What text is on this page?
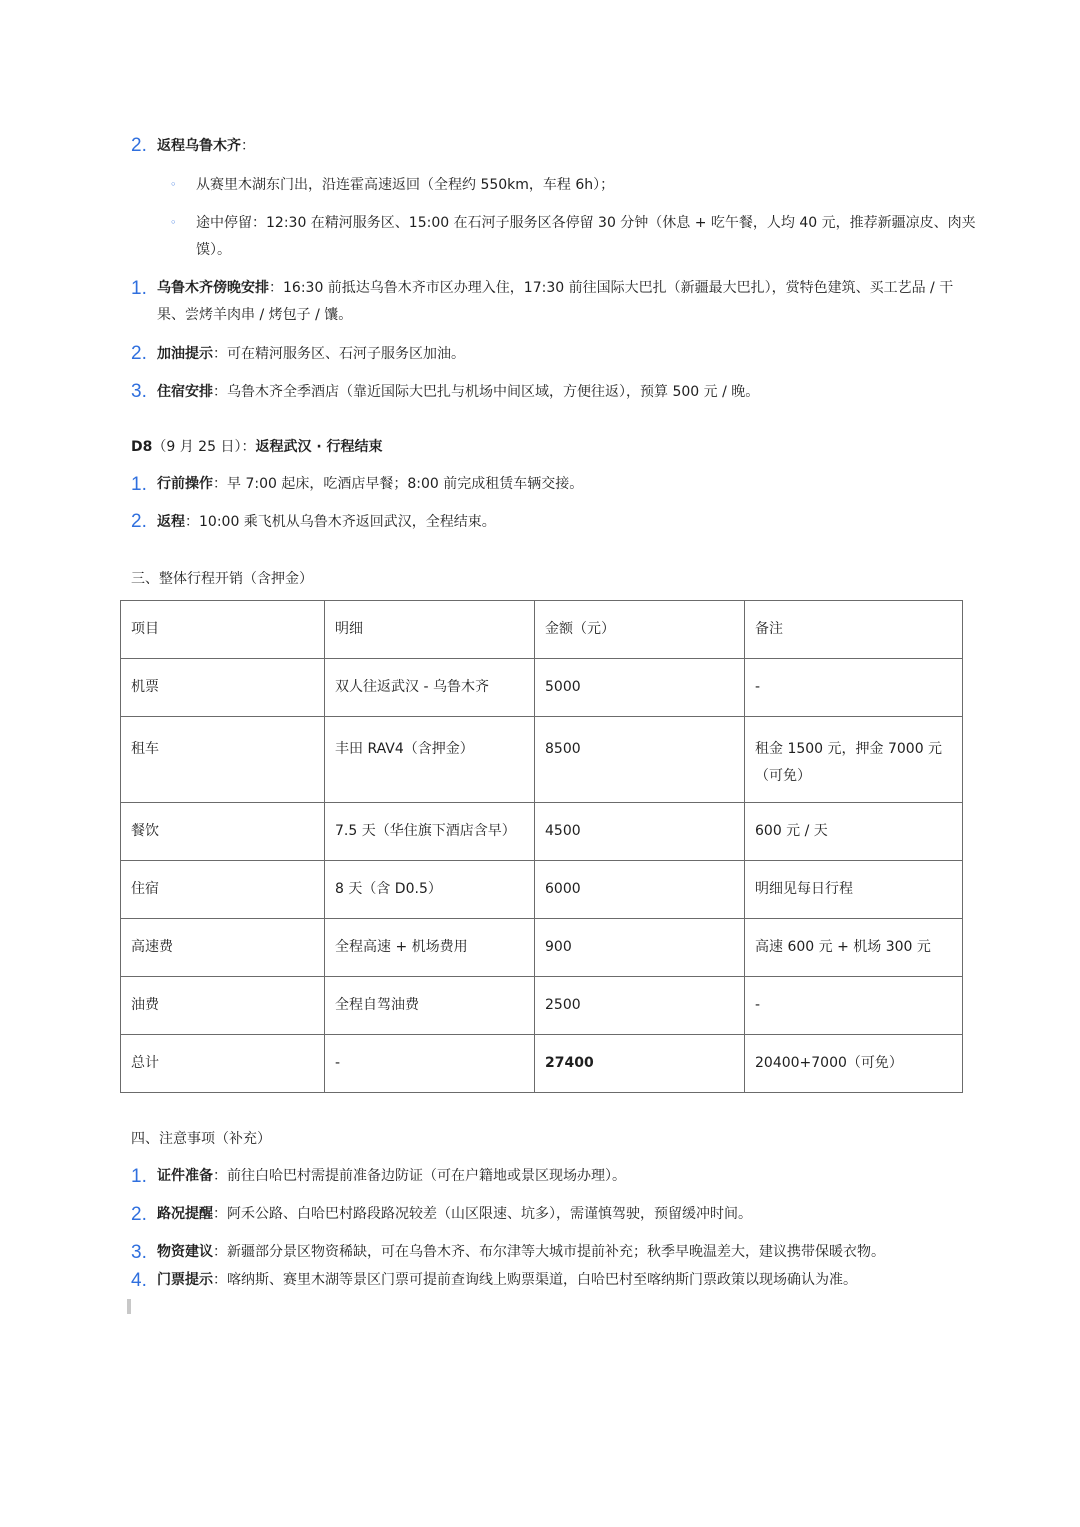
2. 返程乌鲁木齐：
◦ 从赛里木湖东门出，沿连霍高速返回（全程约 550km，车程 6h）；
◦ 途中停留：12:30 在精河服务区、15:00 在石河子服务区各停留 30 分钟（休息 + 吃午餐，人均 40 元，推荐新疆凉皮、肉夹
馍）。
1. 乌鲁木齐傍晚安排：16:30 前抵达乌鲁木齐市区办理入住，17:30 前往国际大巴扎（新疆最大巴扎），赏特色建筑、买工艺品 / 干
果、尝烤羊肉串 / 烤包子 / 馕。
2. 加油提示：可在精河服务区、石河子服务区加油。
3. 住宿安排：乌鲁木齐全季酒店（靠近国际大巴扎与机场中间区域，方便往返），预算 500 元 / 晚。
D8（9 月 25 日）：返程武汉 · 行程结束
1. 行前操作：早 7:00 起床，吃酒店早餐；8:00 前完成租赁车辆交接。
2. 返程：10:00 乘飞机从乌鲁木齐返回武汉，全程结束。
三、整体行程开销（含押金）
项目	明细	金额（元）	备注
机票	双人往返武汉 - 乌鲁木齐	5000	-
租车	丰田 RAV4（含押金）	8500	租金 1500 元，押金 7000 元
（可免）

餐饮	7.5 天（华住旗下酒店含早）	4500	600 元 / 天
住宿	8 天（含 D0.5）	6000	明细见每日行程
高速费	全程高速 + 机场费用	900	高速 600 元 + 机场 300 元
油费	全程自驾油费	2500	-
总计	-	27400	20400+7000（可免）
四、注意事项（补充）
1. 证件准备：前往白哈巴村需提前准备边防证（可在户籍地或景区现场办理）。
2. 路况提醒：阿禾公路、白哈巴村路段路况较差（山区限速、坑多），需谨慎驾驶，预留缓冲时间。
3. 物资建议：新疆部分景区物资稀缺，可在乌鲁木齐、布尔津等大城市提前补充；秋季早晚温差大，建议携带保暖衣物。
4. 门票提示：喀纳斯、赛里木湖等景区门票可提前查询线上购票渠道，白哈巴村至喀纳斯门票政策以现场确认为准。
